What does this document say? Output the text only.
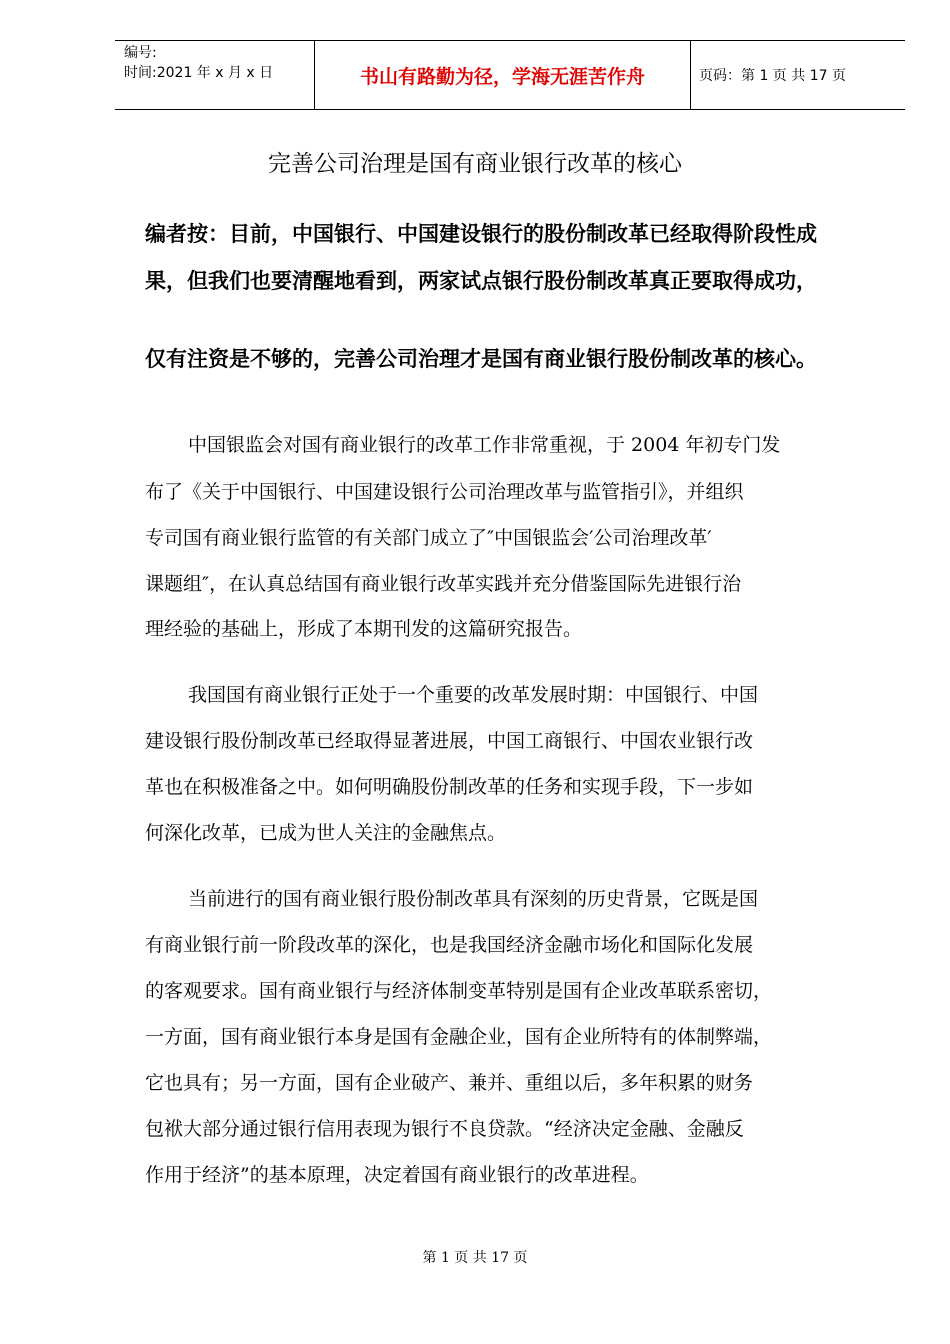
编号:
时间:2021 年 x 月 x 日	书山有路勤为径，学海无涯苦作舟	页码：第 1 页 共 17 页
完善公司治理是国有商业银行改革的核心
编者按：目前，中国银行、中国建设银行的股份制改革已经取得阶段性成
果，但我们也要清醒地看到，两家试点银行股份制改革真正要取得成功，
仅有注资是不够的，完善公司治理才是国有商业银行股份制改革的核心。
中国银监会对国有商业银行的改革工作非常重视，于 2004 年初专门发
布了《关于中国银行、中国建设银行公司治理改革与监管指引》，并组织
专司国有商业银行监管的有关部门成立了″中国银监会′公司治理改革′
课题组″，在认真总结国有商业银行改革实践并充分借鉴国际先进银行治
理经验的基础上，形成了本期刊发的这篇研究报告。
我国国有商业银行正处于一个重要的改革发展时期：中国银行、中国
建设银行股份制改革已经取得显著进展，中国工商银行、中国农业银行改
革也在积极准备之中。如何明确股份制改革的任务和实现手段，下一步如
何深化改革，已成为世人关注的金融焦点。
当前进行的国有商业银行股份制改革具有深刻的历史背景，它既是国
有商业银行前一阶段改革的深化，也是我国经济金融市场化和国际化发展
的客观要求。国有商业银行与经济体制变革特别是国有企业改革联系密切，
一方面，国有商业银行本身是国有金融企业，国有企业所特有的体制弊端，
它也具有；另一方面，国有企业破产、兼并、重组以后，多年积累的财务
包袱大部分通过银行信用表现为银行不良贷款。“经济决定金融、金融反
作用于经济”的基本原理，决定着国有商业银行的改革进程。
第 1 页 共 17 页
